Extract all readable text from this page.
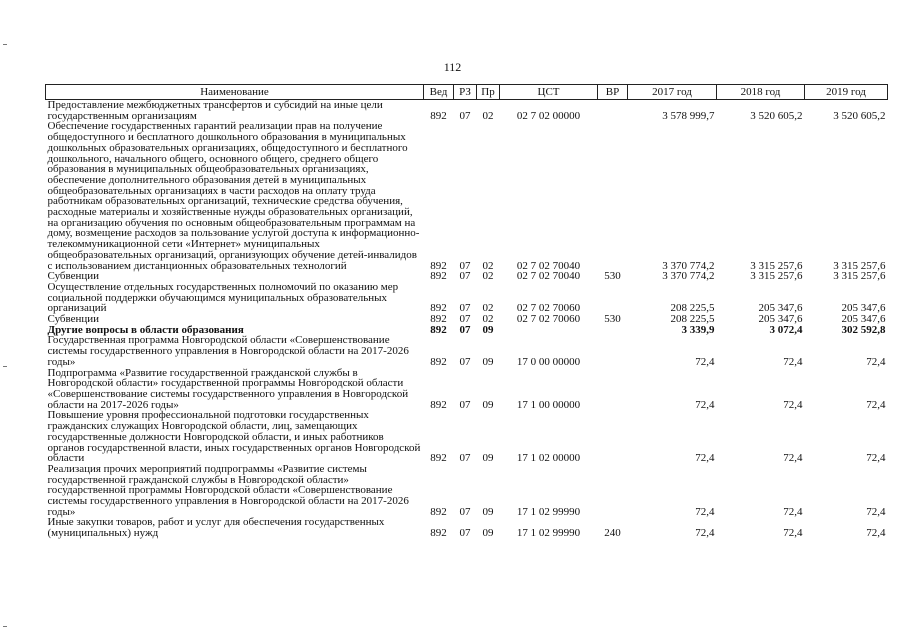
112
Наименование	Вед	РЗ	Пр	ЦСТ	ВР	2017 год	2018 год	2019 год
Предоставление межбюджетных трансфертов и субсидий на иные цели государственным организациям	892	07	02	02 7 02 00000		3 578 999,7	3 520 605,2	3 520 605,2
Обеспечение государственных гарантий реализации прав на получение общедоступного и бесплатного дошкольного образования в муниципальных дошкольных образовательных организациях, общедоступного и бесплатного дошкольного, начального общего, основного общего, среднего общего образования в муниципальных общеобразовательных организациях, обеспечение дополнительного образования детей в муниципальных общеобразовательных организациях в части расходов на оплату труда работникам образовательных организаций, технические средства обучения, расходные материалы и хозяйственные нужды образовательных организаций, на организацию обучения по основным общеобразовательным программам на дому, возмещение расходов за пользование услугой доступа к информационно-телекоммуникационной сети «Интернет» муниципальных общеобразовательных организаций, организующих обучение детей-инвалидов с использованием дистанционных образовательных технологий	892	07	02	02 7 02 70040		3 370 774,2	3 315 257,6	3 315 257,6
Субвенции	892	07	02	02 7 02 70040	530	3 370 774,2	3 315 257,6	3 315 257,6
Осуществление отдельных государственных полномочий по оказанию мер социальной поддержки обучающимся муниципальных образовательных организаций	892	07	02	02 7 02 70060		208 225,5	205 347,6	205 347,6
Субвенции	892	07	02	02 7 02 70060	530	208 225,5	205 347,6	205 347,6
Другие вопросы в области образования	892	07	09			3 339,9	3 072,4	302 592,8
Государственная программа Новгородской области «Совершенствование системы государственного управления в Новгородской области на 2017-2026 годы»	892	07	09	17 0 00 00000		72,4	72,4	72,4
Подпрограмма «Развитие государственной гражданской службы в Новгородской области» государственной программы Новгородской области «Совершенствование системы государственного управления в Новгородской области на 2017-2026 годы»	892	07	09	17 1 00 00000		72,4	72,4	72,4
Повышение уровня профессиональной подготовки государственных гражданских служащих Новгородской области, лиц, замещающих государственные должности Новгородской области, и иных работников органов государственной власти, иных государственных органов Новгородской области	892	07	09	17 1 02 00000		72,4	72,4	72,4
Реализация прочих мероприятий подпрограммы «Развитие системы государственной гражданской службы в Новгородской области» государственной программы Новгородской области «Совершенствование системы государственного управления в Новгородской области на 2017-2026 годы»	892	07	09	17 1 02 99990		72,4	72,4	72,4
Иные закупки товаров, работ и услуг для обеспечения государственных (муниципальных) нужд	892	07	09	17 1 02 99990	240	72,4	72,4	72,4
